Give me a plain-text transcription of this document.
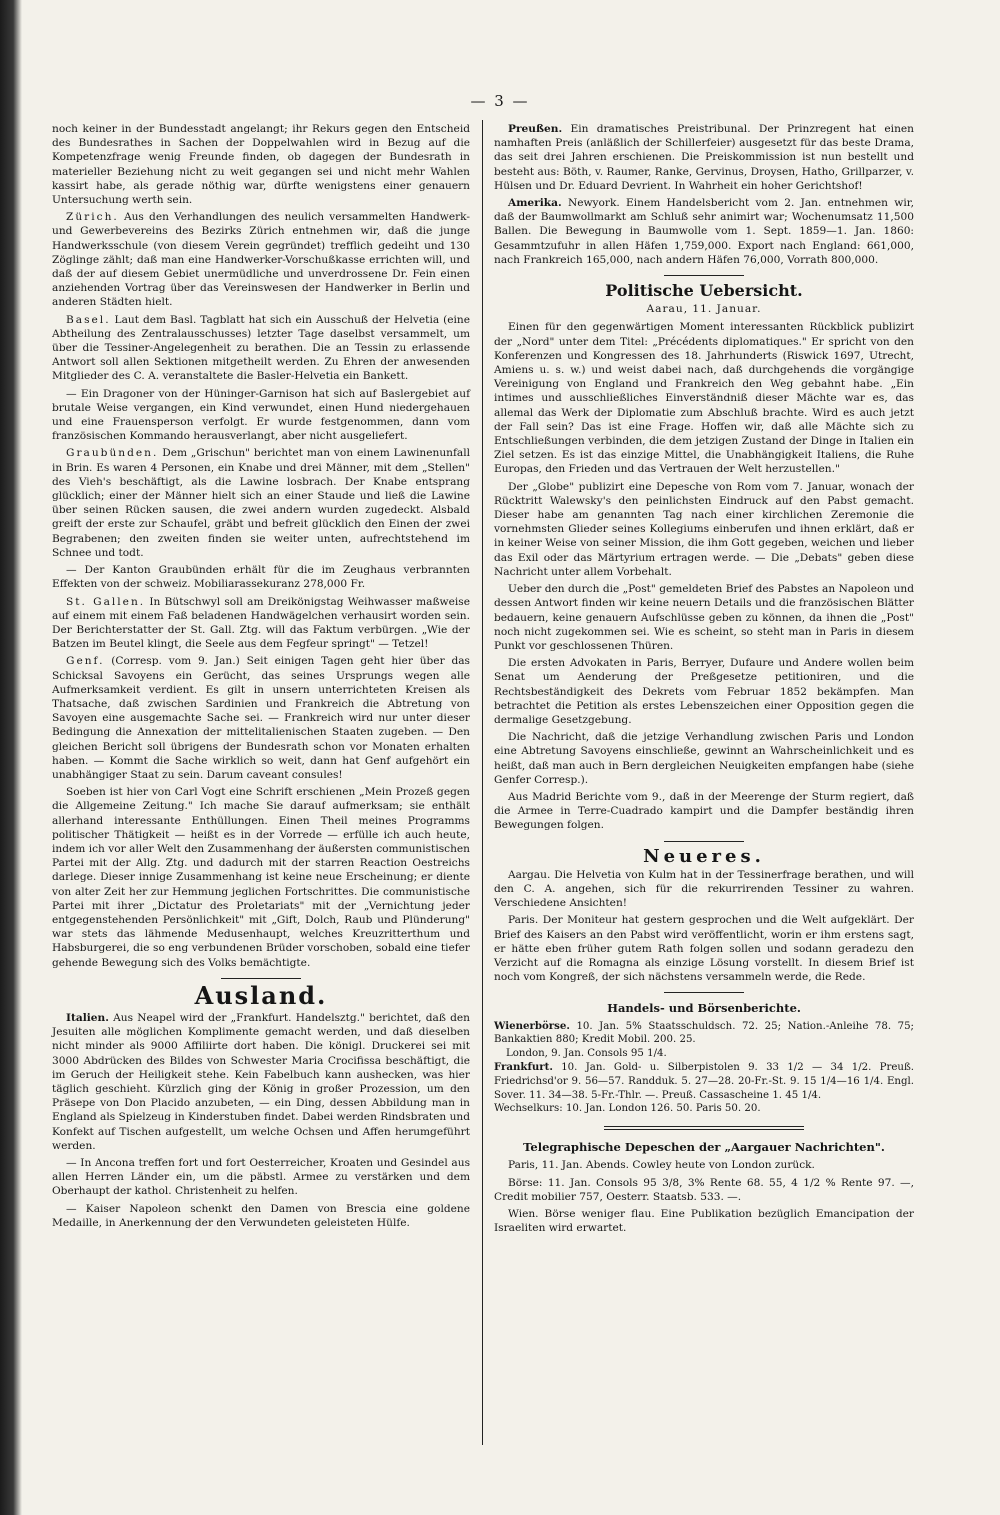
— 3 —

noch keiner in der Bundesstadt angelangt; ihr Rekurs gegen den Entscheid des Bundesrathes in Sachen der Doppelwahlen wird in Bezug auf die Kompetenzfrage wenig Freunde finden, ob dagegen der Bundesrath in materieller Beziehung nicht zu weit gegangen sei und nicht mehr Wahlen kassirt habe, als gerade nöthig war, dürfte wenigstens einer genauern Untersuchung werth sein.

Zürich. Aus den Verhandlungen des neulich versammelten Handwerk- und Gewerbevereins des Bezirks Zürich entnehmen wir, daß die junge Handwerksschule (von diesem Verein gegründet) trefflich gedeiht und 130 Zöglinge zählt; daß man eine Handwerker-Vorschußkasse errichten will, und daß der auf diesem Gebiet unermüdliche und unverdrossene Dr. Fein einen anziehenden Vortrag über das Vereinswesen der Handwerker in Berlin und anderen Städten hielt.

Basel. Laut dem Basl. Tagblatt hat sich ein Ausschuß der Helvetia (eine Abtheilung des Zentralausschusses) letzter Tage daselbst versammelt, um über die Tessiner-Angelegenheit zu berathen. Die an Tessin zu erlassende Antwort soll allen Sektionen mitgetheilt werden. Zu Ehren der anwesenden Mitglieder des C. A. veranstaltete die Basler-Helvetia ein Bankett.

— Ein Dragoner von der Hüninger-Garnison hat sich auf Baslergebiet auf brutale Weise vergangen, ein Kind verwundet, einen Hund niedergehauen und eine Frauensperson verfolgt. Er wurde festgenommen, dann vom französischen Kommando herausverlangt, aber nicht ausgeliefert.

Graubünden. Dem „Grischun" berichtet man von einem Lawinenunfall in Brin. Es waren 4 Personen, ein Knabe und drei Männer, mit dem „Stellen" des Vieh's beschäftigt, als die Lawine losbrach. Der Knabe entsprang glücklich; einer der Männer hielt sich an einer Staude und ließ die Lawine über seinen Rücken sausen, die zwei andern wurden zugedeckt. Alsbald greift der erste zur Schaufel, gräbt und befreit glücklich den Einen der zwei Begrabenen; den zweiten finden sie weiter unten, aufrechtstehend im Schnee und todt.

— Der Kanton Graubünden erhält für die im Zeughaus verbrannten Effekten von der schweiz. Mobiliarassekuranz 278,000 Fr.

St. Gallen. In Bütschwyl soll am Dreikönigstag Weihwasser maßweise auf einem mit einem Faß beladenen Handwägelchen verhausirt worden sein. Der Berichterstatter der St. Gall. Ztg. will das Faktum verbürgen. „Wie der Batzen im Beutel klingt, die Seele aus dem Fegfeur springt" — Tetzel!

Genf. (Corresp. vom 9. Jan.) Seit einigen Tagen geht hier über das Schicksal Savoyens ein Gerücht, das seines Ursprungs wegen alle Aufmerksamkeit verdient. Es gilt in unsern unterrichteten Kreisen als Thatsache, daß zwischen Sardinien und Frankreich die Abtretung von Savoyen eine ausgemachte Sache sei. — Frankreich wird nur unter dieser Bedingung die Annexation der mittelitalienischen Staaten zugeben. — Den gleichen Bericht soll übrigens der Bundesrath schon vor Monaten erhalten haben. — Kommt die Sache wirklich so weit, dann hat Genf aufgehört ein unabhängiger Staat zu sein. Darum caveant consules!

Soeben ist hier von Carl Vogt eine Schrift erschienen „Mein Prozeß gegen die Allgemeine Zeitung." Ich mache Sie darauf aufmerksam; sie enthält allerhand interessante Enthüllungen. Einen Theil meines Programms politischer Thätigkeit — heißt es in der Vorrede — erfülle ich auch heute, indem ich vor aller Welt den Zusammenhang der äußersten communistischen Partei mit der Allg. Ztg. und dadurch mit der starren Reaction Oestreichs darlege. Dieser innige Zusammenhang ist keine neue Erscheinung; er diente von alter Zeit her zur Hemmung jeglichen Fortschrittes. Die communistische Partei mit ihrer „Dictatur des Proletariats" mit der „Vernichtung jeder entgegenstehenden Persönlichkeit" mit „Gift, Dolch, Raub und Plünderung" war stets das lähmende Medusenhaupt, welches Kreuzritterthum und Habsburgerei, die so eng verbundenen Brüder vorschoben, sobald eine tiefer gehende Bewegung sich des Volks bemächtigte.

Ausland.

Italien. Aus Neapel wird der „Frankfurt. Handelsztg." berichtet, daß den Jesuiten alle möglichen Komplimente gemacht werden, und daß dieselben nicht minder als 9000 Affiliirte dort haben. Die königl. Druckerei sei mit 3000 Abdrücken des Bildes von Schwester Maria Crocifissa beschäftigt, die im Geruch der Heiligkeit stehe. Kein Fabelbuch kann aushecken, was hier täglich geschieht. Kürzlich ging der König in großer Prozession, um den Präsepe von Don Placido anzubeten, — ein Ding, dessen Abbildung man in England als Spielzeug in Kinderstuben findet. Dabei werden Rindsbraten und Konfekt auf Tischen aufgestellt, um welche Ochsen und Affen herumgeführt werden.

— In Ancona treffen fort und fort Oesterreicher, Kroaten und Gesindel aus allen Herren Länder ein, um die päbstl. Armee zu verstärken und dem Oberhaupt der kathol. Christenheit zu helfen.

— Kaiser Napoleon schenkt den Damen von Brescia eine goldene Medaille, in Anerkennung der den Verwundeten geleisteten Hülfe.

Preußen. Ein dramatisches Preistribunal. Der Prinzregent hat einen namhaften Preis (anläßlich der Schillerfeier) ausgesetzt für das beste Drama, das seit drei Jahren erschienen. Die Preiskommission ist nun bestellt und besteht aus: Böth, v. Raumer, Ranke, Gervinus, Droysen, Hatho, Grillparzer, v. Hülsen und Dr. Eduard Devrient. In Wahrheit ein hoher Gerichtshof!

Amerika. Newyork. Einem Handelsbericht vom 2. Jan. entnehmen wir, daß der Baumwollmarkt am Schluß sehr animirt war; Wochenumsatz 11,500 Ballen. Die Bewegung in Baumwolle vom 1. Sept. 1859—1. Jan. 1860: Gesammtzufuhr in allen Häfen 1,759,000. Export nach England: 661,000, nach Frankreich 165,000, nach andern Häfen 76,000, Vorrath 800,000.

Politische Uebersicht.
Aarau, 11. Januar.

Einen für den gegenwärtigen Moment interessanten Rückblick publizirt der „Nord" unter dem Titel: „Précédents diplomatiques." Er spricht von den Konferenzen und Kongressen des 18. Jahrhunderts (Riswick 1697, Utrecht, Amiens u. s. w.) und weist dabei nach, daß durchgehends die vorgängige Vereinigung von England und Frankreich den Weg gebahnt habe. „Ein intimes und ausschließliches Einverständniß dieser Mächte war es, das allemal das Werk der Diplomatie zum Abschluß brachte. Wird es auch jetzt der Fall sein? Das ist eine Frage. Hoffen wir, daß alle Mächte sich zu Entschließungen verbinden, die dem jetzigen Zustand der Dinge in Italien ein Ziel setzen. Es ist das einzige Mittel, die Unabhängigkeit Italiens, die Ruhe Europas, den Frieden und das Vertrauen der Welt herzustellen."

Der „Globe" publizirt eine Depesche von Rom vom 7. Januar, wonach der Rücktritt Walewsky's den peinlichsten Eindruck auf den Pabst gemacht. Dieser habe am genannten Tag nach einer kirchlichen Zeremonie die vornehmsten Glieder seines Kollegiums einberufen und ihnen erklärt, daß er in keiner Weise von seiner Mission, die ihm Gott gegeben, weichen und lieber das Exil oder das Märtyrium ertragen werde. — Die „Debats" geben diese Nachricht unter allem Vorbehalt.

Ueber den durch die „Post" gemeldeten Brief des Pabstes an Napoleon und dessen Antwort finden wir keine neuern Details und die französischen Blätter bedauern, keine genauern Aufschlüsse geben zu können, da ihnen die „Post" noch nicht zugekommen sei. Wie es scheint, so steht man in Paris in diesem Punkt vor geschlossenen Thüren.

Die ersten Advokaten in Paris, Berryer, Dufaure und Andere wollen beim Senat um Aenderung der Preßgesetze petitioniren, und die Rechtsbeständigkeit des Dekrets vom Februar 1852 bekämpfen. Man betrachtet die Petition als erstes Lebenszeichen einer Opposition gegen die dermalige Gesetzgebung.

Die Nachricht, daß die jetzige Verhandlung zwischen Paris und London eine Abtretung Savoyens einschließe, gewinnt an Wahrscheinlichkeit und es heißt, daß man auch in Bern dergleichen Neuigkeiten empfangen habe (siehe Genfer Corresp.).

Aus Madrid Berichte vom 9., daß in der Meerenge der Sturm regiert, daß die Armee in Terre-Cuadrado kampirt und die Dampfer beständig ihren Bewegungen folgen.

Neueres.

Aargau. Die Helvetia von Kulm hat in der Tessinerfrage berathen, und will den C. A. angehen, sich für die rekurrirenden Tessiner zu wahren. Verschiedene Ansichten!

Paris. Der Moniteur hat gestern gesprochen und die Welt aufgeklärt. Der Brief des Kaisers an den Pabst wird veröffentlicht, worin er ihm erstens sagt, er hätte eben früher gutem Rath folgen sollen und sodann geradezu den Verzicht auf die Romagna als einzige Lösung vorstellt. In diesem Brief ist noch vom Kongreß, der sich nächstens versammeln werde, die Rede.

Handels- und Börsenberichte.

Wienerbörse. 10. Jan. 5% Staatsschuldsch. 72. 25; Nation.-Anleihe 78. 75; Bankaktien 880; Kredit Mobil. 200. 25.

London, 9. Jan. Consols 95 1/4.

Frankfurt. 10. Jan. Gold- u. Silberpistolen 9. 33 1/2 — 34 1/2. Preuß. Friedrichsd'or 9. 56—57. Randduk. 5. 27—28. 20-Fr.-St. 9. 15 1/4—16 1/4. Engl. Sover. 11. 34—38. 5-Fr.-Thlr. —. Preuß. Cassascheine 1. 45 1/4.

Wechselkurs: 10. Jan. London 126. 50. Paris 50. 20.

Telegraphische Depeschen der „Aargauer Nachrichten".

Paris, 11. Jan. Abends. Cowley heute von London zurück.

Börse: 11. Jan. Consols 95 3/8, 3% Rente 68. 55, 4 1/2 % Rente 97. —, Credit mobilier 757, Oesterr. Staatsb. 533. —.

Wien. Börse weniger flau. Eine Publikation bezüglich Emancipation der Israeliten wird erwartet.
